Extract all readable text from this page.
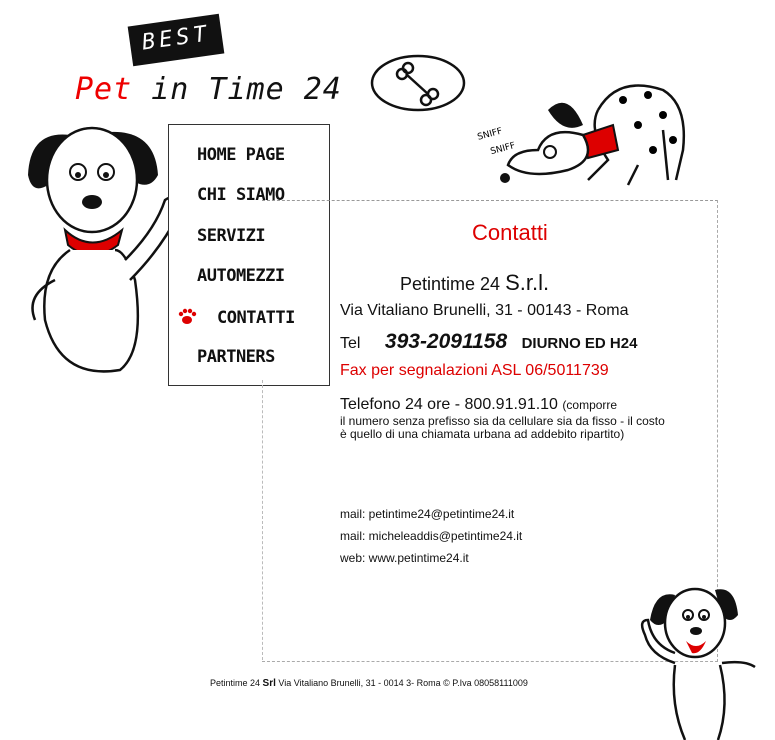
BEST
Pet in Time 24
SNIFF
SNIFF
HOME PAGE
CHI SIAMO
SERVIZI
AUTOMEZZI
CONTATTI
PARTNERS
Contatti
Petintime 24 S.r.l.
Via Vitaliano Brunelli, 31 - 00143 - Roma
Tel 393-2091158 DIURNO ED H24
Fax per segnalazioni ASL 06/5011739
Telefono 24 ore - 800.91.91.10 (comporre
il numero senza prefisso sia da cellulare sia da fisso - il costo è quello di una chiamata urbana ad addebito ripartito)
mail: petintime24@petintime24.it
mail: micheleaddis@petintime24.it
web: www.petintime24.it
Petintime 24 Srl Via Vitaliano Brunelli, 31 - 0014 3- Roma © P.Iva 08058111009
